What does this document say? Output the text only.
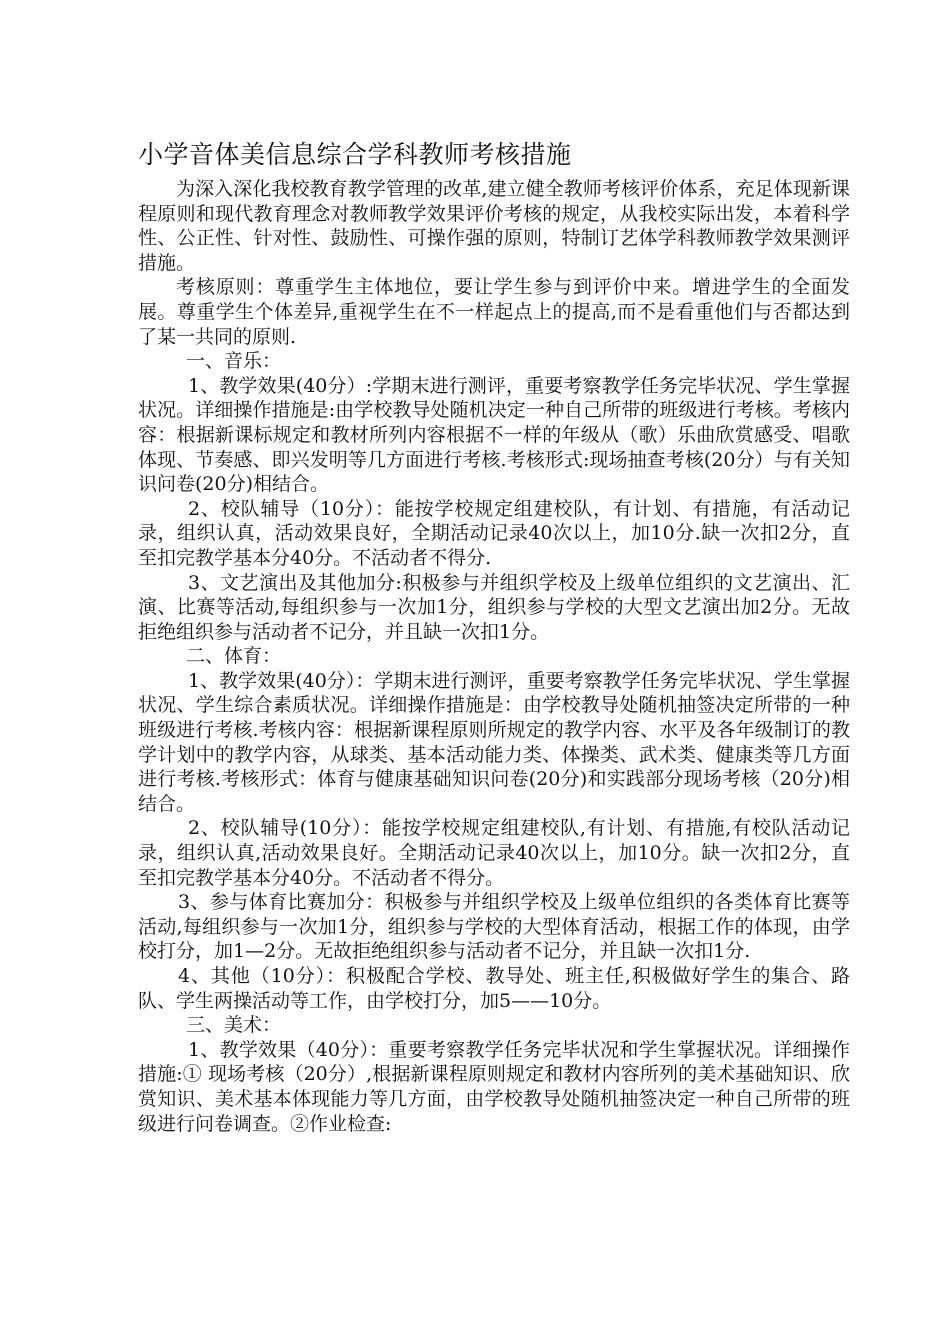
小学音体美信息综合学科教师考核措施

为深入深化我校教育教学管理的改革,建立健全教师考核评价体系，充足体现新课程原则和现代教育理念对教师教学效果评价考核的规定，从我校实际出发，本着科学性、公正性、针对性、鼓励性、可操作强的原则，特制订艺体学科教师教学效果测评措施。

考核原则：尊重学生主体地位，要让学生参与到评价中来。增进学生的全面发展。尊重学生个体差异,重视学生在不一样起点上的提高,而不是看重他们与否都达到了某一共同的原则.

一、音乐：

1、教学效果(40分）:学期末进行测评，重要考察教学任务完毕状况、学生掌握状况。详细操作措施是:由学校教导处随机决定一种自己所带的班级进行考核。考核内容：根据新课标规定和教材所列内容根据不一样的年级从（歌）乐曲欣赏感受、唱歌体现、节奏感、即兴发明等几方面进行考核.考核形式:现场抽查考核(20分）与有关知识问卷(20分)相结合。

2、校队辅导（10分）：能按学校规定组建校队，有计划、有措施，有活动记录，组织认真，活动效果良好，全期活动记录40次以上，加10分.缺一次扣2分，直至扣完教学基本分40分。不活动者不得分.

3、文艺演出及其他加分:积极参与并组织学校及上级单位组织的文艺演出、汇演、比赛等活动,每组织参与一次加1分，组织参与学校的大型文艺演出加2分。无故拒绝组织参与活动者不记分，并且缺一次扣1分。

二、体育：

1、教学效果(40分）：学期末进行测评，重要考察教学任务完毕状况、学生掌握状况、学生综合素质状况。详细操作措施是：由学校教导处随机抽签决定所带的一种班级进行考核.考核内容：根据新课程原则所规定的教学内容、水平及各年级制订的教学计划中的教学内容，从球类、基本活动能力类、体操类、武术类、健康类等几方面进行考核.考核形式：体育与健康基础知识问卷(20分)和实践部分现场考核（20分)相结合。

2、校队辅导(10分）：能按学校规定组建校队,有计划、有措施,有校队活动记录，组织认真,活动效果良好。全期活动记录40次以上，加10分。缺一次扣2分，直至扣完教学基本分40分。不活动者不得分。

3、参与体育比赛加分：积极参与并组织学校及上级单位组织的各类体育比赛等活动,每组织参与一次加1分，组织参与学校的大型体育活动，根据工作的体现，由学校打分，加1—2分。无故拒绝组织参与活动者不记分，并且缺一次扣1分.

4、其他（10分）：积极配合学校、教导处、班主任,积极做好学生的集合、路队、学生两操活动等工作，由学校打分，加5——10分。

三、美术：

1、教学效果（40分）：重要考察教学任务完毕状况和学生掌握状况。详细操作措施:① 现场考核（20分）,根据新课程原则规定和教材内容所列的美术基础知识、欣赏知识、美术基本体现能力等几方面，由学校教导处随机抽签决定一种自己所带的班级进行问卷调查。②作业检查:
